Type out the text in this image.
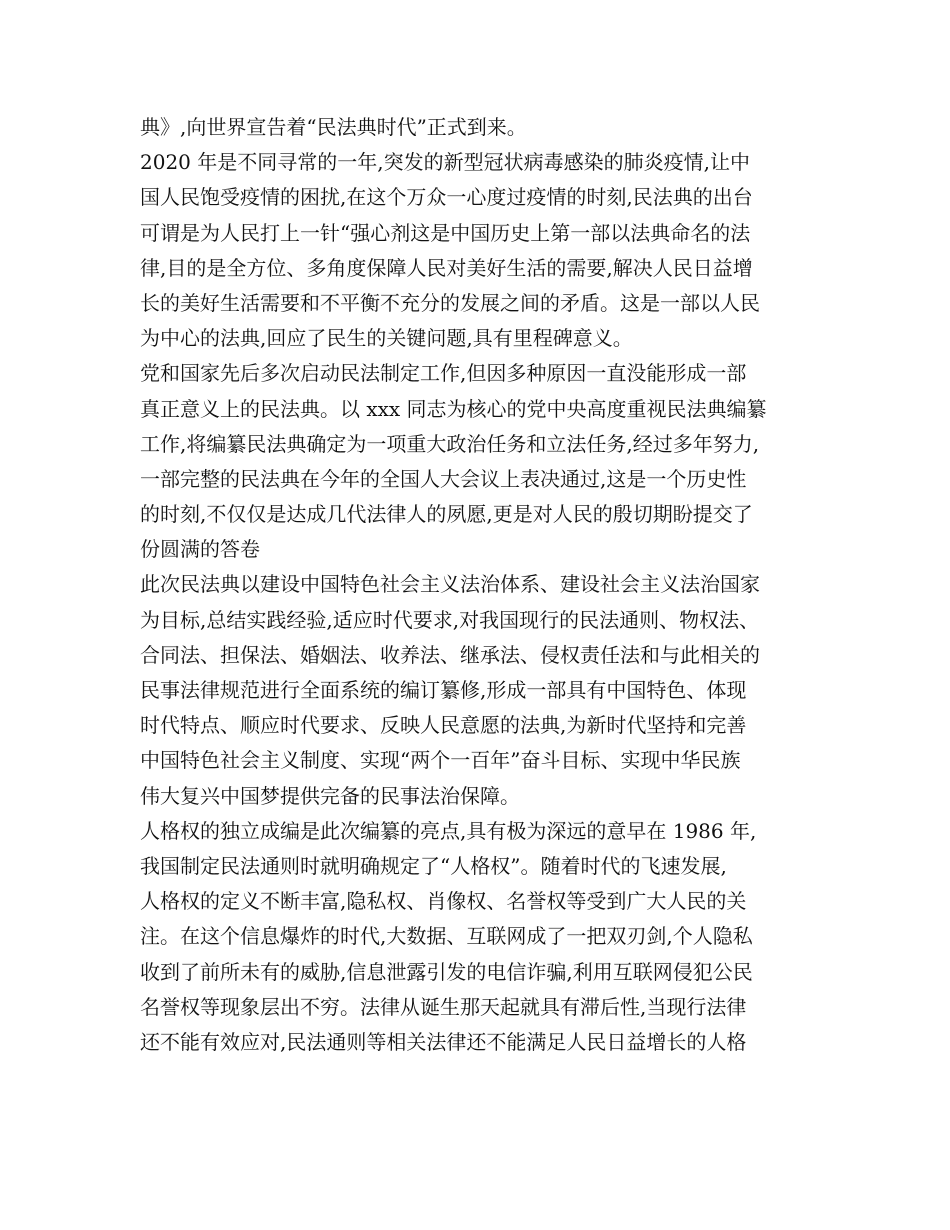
典》,向世界宣告着“民法典时代”正式到来。
2020 年是不同寻常的一年,突发的新型冠状病毒感染的肺炎疫情,让中
国人民饱受疫情的困扰,在这个万众一心度过疫情的时刻,民法典的出台
可谓是为人民打上一针“强心剂这是中国历史上第一部以法典命名的法
律,目的是全方位、多角度保障人民对美好生活的需要,解决人民日益增
长的美好生活需要和不平衡不充分的发展之间的矛盾。这是一部以人民
为中心的法典,回应了民生的关键问题,具有里程碑意义。
党和国家先后多次启动民法制定工作,但因多种原因一直没能形成一部
真正意义上的民法典。以 xxx 同志为核心的党中央高度重视民法典编纂
工作,将编纂民法典确定为一项重大政治任务和立法任务,经过多年努力,
一部完整的民法典在今年的全国人大会议上表决通过,这是一个历史性
的时刻,不仅仅是达成几代法律人的夙愿,更是对人民的殷切期盼提交了
份圆满的答卷
此次民法典以建设中国特色社会主义法治体系、建设社会主义法治国家
为目标,总结实践经验,适应时代要求,对我国现行的民法通则、物权法、
合同法、担保法、婚姻法、收养法、继承法、侵权责任法和与此相关的
民事法律规范进行全面系统的编订纂修,形成一部具有中国特色、体现
时代特点、顺应时代要求、反映人民意愿的法典,为新时代坚持和完善
中国特色社会主义制度、实现“两个一百年”奋斗目标、实现中华民族
伟大复兴中国梦提供完备的民事法治保障。
人格权的独立成编是此次编纂的亮点,具有极为深远的意早在 1986 年,
我国制定民法通则时就明确规定了“人格权”。随着时代的飞速发展,
人格权的定义不断丰富,隐私权、肖像权、名誉权等受到广大人民的关
注。在这个信息爆炸的时代,大数据、互联网成了一把双刃剑,个人隐私
收到了前所未有的威胁,信息泄露引发的电信诈骗,利用互联网侵犯公民
名誉权等现象层出不穷。法律从诞生那天起就具有滞后性,当现行法律
还不能有效应对,民法通则等相关法律还不能满足人民日益增长的人格
